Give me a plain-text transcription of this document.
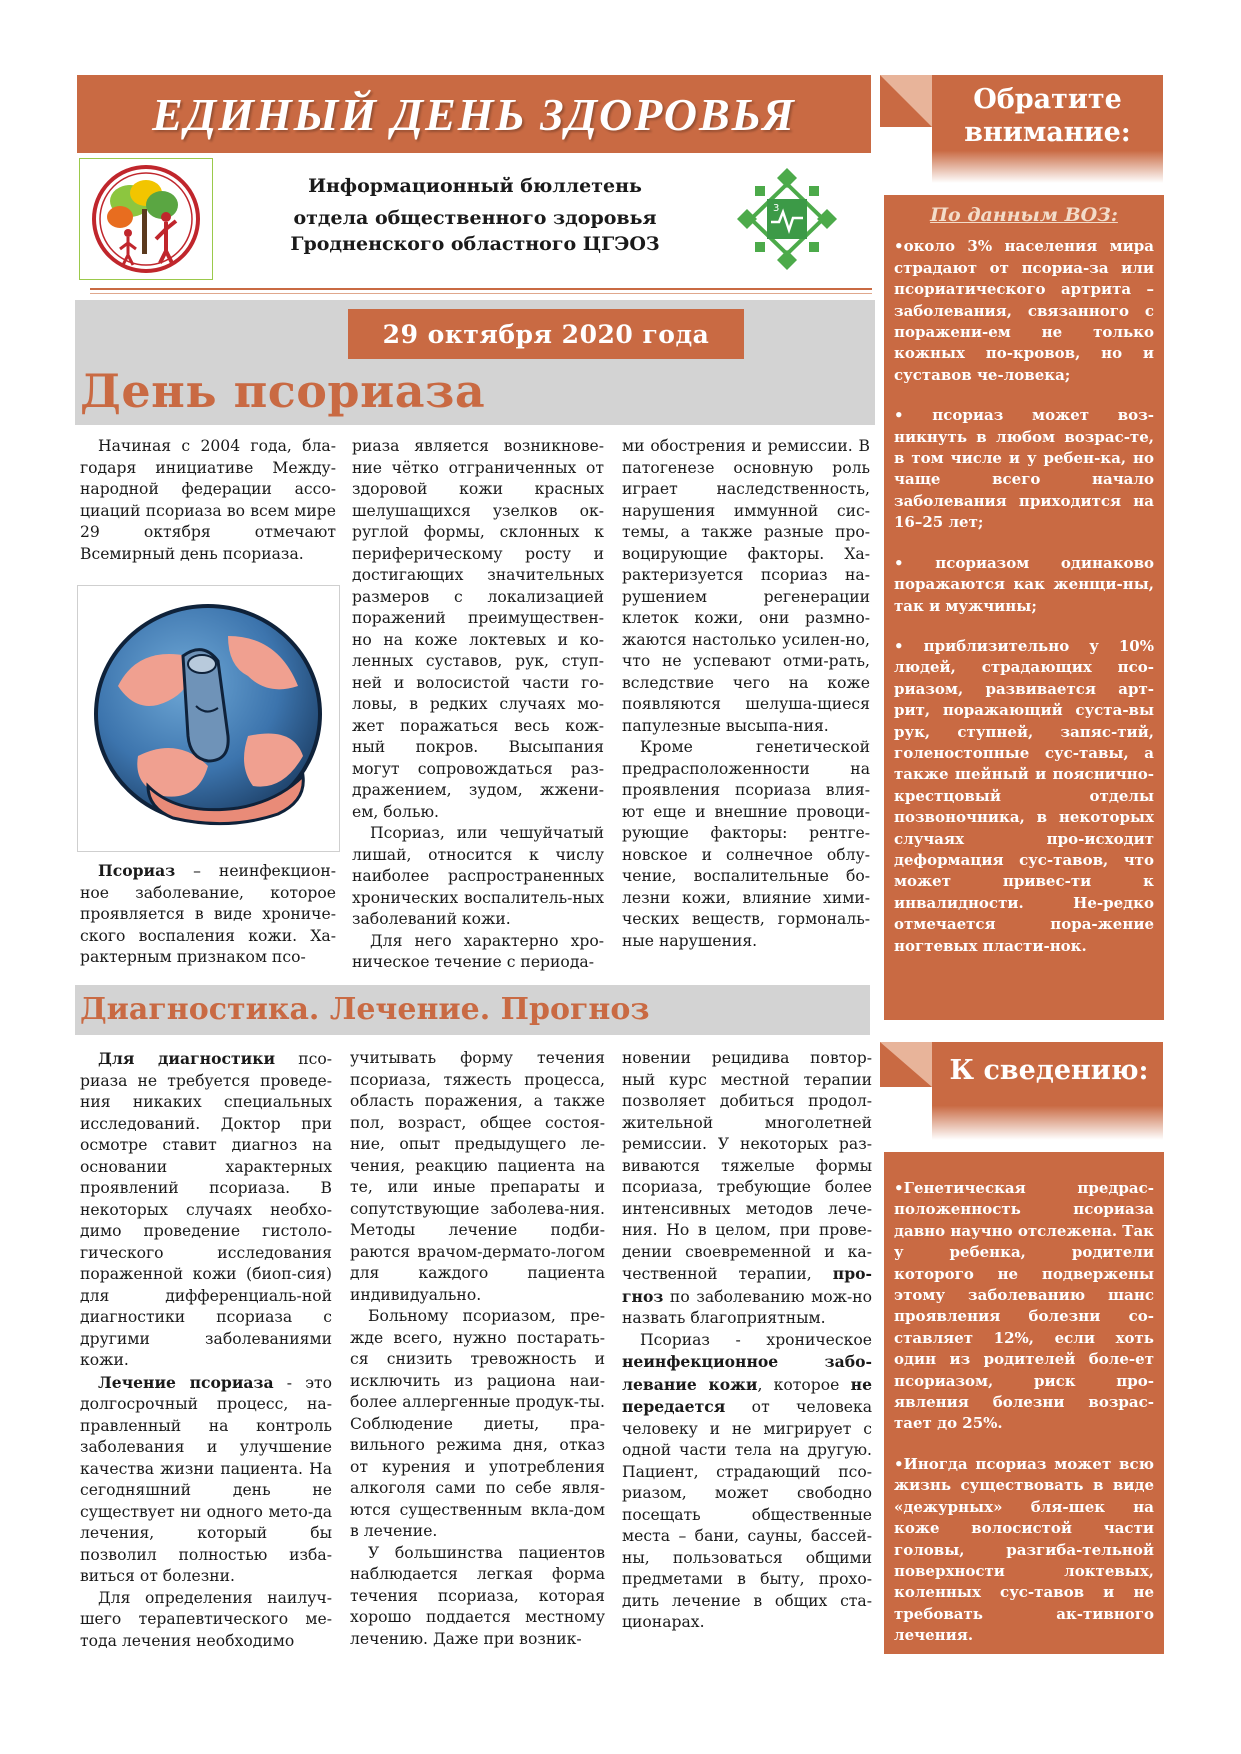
ЕДИНЫЙ ДЕНЬ ЗДОРОВЬЯ
Информационный бюллетень
отдела общественного здоровья
Гродненского областного ЦГЭОЗ
3
29 октября 2020 года
День псориаза

Начиная с 2004 года, бла-годаря инициативе Между-народной федерации ассо-циаций псориаза во всем мире 29 октября отмечают Всемирный день псориаза.

Псориаз – неинфекцион-ное заболевание, которое проявляется в виде хрониче-ского воспаления кожи. Ха-рактерным признаком псо-

риаза является возникнове-ние чётко отграниченных от здоровой кожи красных шелушащихся узелков ок-руглой формы, склонных к периферическому росту и достигающих значительных размеров с локализацией поражений преимуществен-но на коже локтевых и ко-ленных суставов, рук, ступ-ней и волосистой части го-ловы, в редких случаях мо-жет поражаться весь кож-ный покров. Высыпания могут сопровождаться раз-дражением, зудом, жжени-ем, болью.

Псориаз, или чешуйчатый лишай, относится к числу наиболее распространенных хронических воспалитель-ных заболеваний кожи.

Для него характерно хро-ническое течение с периода-

ми обострения и ремиссии. В патогенезе основную роль играет наследственность, нарушения иммунной сис-темы, а также разные про-воцирующие факторы. Ха-рактеризуется псориаз на-рушением регенерации клеток кожи, они размно-жаются настолько усилен-но, что не успевают отми-рать, вследствие чего на коже появляются шелуша-щиеся папулезные высыпа-ния.

Кроме генетической предрасположенности на проявления псориаза влия-ют еще и внешние провоци-рующие факторы: рентге-новское и солнечное облу-чение, воспалительные бо-лезни кожи, влияние хими-ческих веществ, гормональ-ные нарушения.

Диагностика. Лечение. Прогноз

Для диагностики псо-риаза не требуется проведе-ния никаких специальных исследований. Доктор при осмотре ставит диагноз на основании характерных проявлений псориаза. В некоторых случаях необхо-димо проведение гистоло-гического исследования пораженной кожи (биоп-сия) для дифференциаль-ной диагностики псориаза с другими заболеваниями кожи.

Лечение псориаза - это долгосрочный процесс, на-правленный на контроль заболевания и улучшение качества жизни пациента. На сегодняшний день не существует ни одного мето-да лечения, который бы позволил полностью изба-виться от болезни.

Для определения наилуч-шего терапевтического ме-тода лечения необходимо

учитывать форму течения псориаза, тяжесть процесса, область поражения, а также пол, возраст, общее состоя-ние, опыт предыдущего ле-чения, реакцию пациента на те, или иные препараты и сопутствующие заболева-ния. Методы лечение подби-раются врачом-дермато-логом для каждого пациента индивидуально.

Больному псориазом, пре-жде всего, нужно постарать-ся снизить тревожность и исключить из рациона наи-более аллергенные продук-ты. Соблюдение диеты, пра-вильного режима дня, отказ от курения и употребления алкоголя сами по себе явля-ются существенным вкла-дом в лечение.

У большинства пациентов наблюдается легкая форма течения псориаза, которая хорошо поддается местному лечению. Даже при возник-

новении рецидива повтор-ный курс местной терапии позволяет добиться продол-жительной многолетней ремиссии. У некоторых раз-виваются тяжелые формы псориаза, требующие более интенсивных методов лече-ния. Но в целом, при прове-дении своевременной и ка-чественной терапии, про-гноз по заболеванию мож-но назвать благоприятным.

Псориаз - хроническое неинфекционное забо-левание кожи, которое не передается от человека человеку и не мигрирует с одной части тела на другую. Пациент, страдающий псо-риазом, может свободно посещать общественные места – бани, сауны, бассей-ны, пользоваться общими предметами в быту, прохо-дить лечение в общих ста-ционарах.

Обратите внимание:
По данным ВОЗ:

•около 3% населения мира страдают от псориа-за или псориатического артрита – заболевания, связанного с поражени-ем не только кожных по-кровов, но и суставов че-ловека;

• псориаз может воз-никнуть в любом возрас-те, в том числе и у ребен-ка, но чаще всего начало заболевания приходится на 16–25 лет;

• псориазом одинаково поражаются как женщи-ны, так и мужчины;

• приблизительно у 10% людей, страдающих псо-риазом, развивается арт-рит, поражающий суста-вы рук, ступней, запяс-тий, голеностопные сус-тавы, а также шейный и пояснично-крестцовый отделы позвоночника, в некоторых случаях про-исходит деформация сус-тавов, что может привес-ти к инвалидности. Не-редко отмечается пора-жение ногтевых пласти-нок.

К сведению:

•Генетическая предрас-положенность псориаза давно научно отслежена. Так у ребенка, родители которого не подвержены этому заболеванию шанс проявления болезни со-ставляет 12%, если хоть один из родителей боле-ет псориазом, риск про-явления болезни возрас-тает до 25%.

•Иногда псориаз может всю жизнь существовать в виде «дежурных» бля-шек на коже волосистой части головы, разгиба-тельной поверхности локтевых, коленных сус-тавов и не требовать ак-тивного лечения.
